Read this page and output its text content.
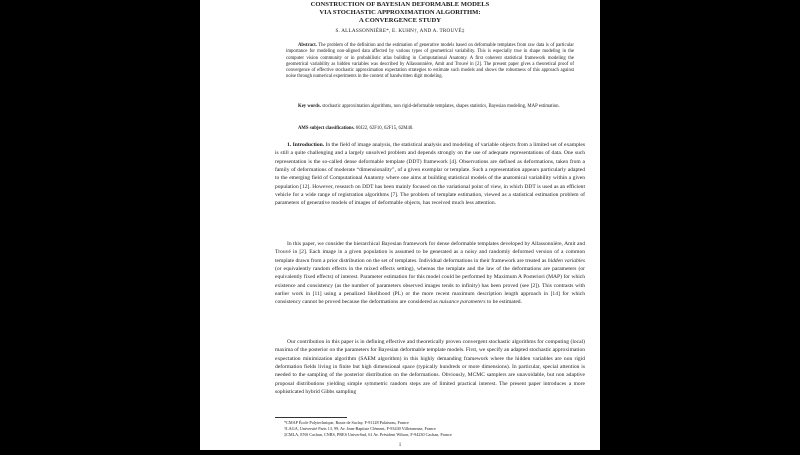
CONSTRUCTION OF BAYESIAN DEFORMABLE MODELS
VIA STOCHASTIC APPROXIMATION ALGORITHM:
A CONVERGENCE STUDY
S. ALLASSONNIÈRE*, E. KUHN†, AND A. TROUVÉ‡

Abstract. The problem of the definition and the estimation of generative models based on deformable templates from raw data is of particular importance for modeling non-aligned data affected by various types of geometrical variability. This is especially true in shape modeling in the computer vision community or in probabilistic atlas building in Computational Anatomy. A first coherent statistical framework modeling the geometrical variability as hidden variables was described by Allassonnière, Amit and Trouvé in [2]. The present paper gives a theoretical proof of convergence of effective stochastic approximation expectation strategies to estimate such models and shows the robustness of this approach against noise through numerical experiments in the context of handwritten digit modeling.

Key words. stochastic approximation algorithms, non rigid-deformable templates, shapes statistics, Bayesian modeling, MAP estimation.

AMS subject classifications. 60J22, 62F10, 62F15, 62M40.

1. Introduction. In the field of image analysis, the statistical analysis and modeling of variable objects from a limited set of examples is still a quite challenging and a largely unsolved problem and depends strongly on the use of adequate representations of data. One such representation is the so-called dense deformable template (DDT) framework [4]. Observations are defined as deformations, taken from a family of deformations of moderate “dimensionality”, of a given exemplar or template. Such a representation appears particularly adapted to the emerging field of Computational Anatomy where one aims at building statistical models of the anatomical variability within a given population [12]. However, research on DDT has been mainly focused on the variational point of view, in which DDT is used as an efficient vehicle for a wide range of registration algorithms [7]. The problem of template estimation, viewed as a statistical estimation problem of parameters of generative models of images of deformable objects, has received much less attention.

In this paper, we consider the hierarchical Bayesian framework for dense deformable templates developed by Allassonnière, Amit and Trouvé in [2]. Each image in a given population is assumed to be generated as a noisy and randomly deformed version of a common template drawn from a prior distribution on the set of templates. Individual deformations in their framework are treated as hidden variables (or equivalently random effects in the mixed effects setting), whereas the template and the law of the deformations are parameters (or equivalently fixed effects) of interest. Parameter estimation for this model could be performed by Maximum A Posteriori (MAP) for which existence and consistency (as the number of parameters observed images tends to infinity) has been proved (see [2]). This contrasts with earlier work in [11] using a penalized likelihood (PL) or the more recent maximum description length approach in [14] for which consistency cannot be proved because the deformations are considered as nuisance parameters to be estimated.

Our contribution in this paper is in defining effective and theoretically proven convergent stochastic algorithms for computing (local) maxima of the posterior on the parameters for Bayesian deformable template models. First, we specify an adapted stochastic approximation expectation minimization algorithm (SAEM algorithm) in this highly demanding framework where the hidden variables are non rigid deformation fields living in finite but high dimensional space (typically hundreds or more dimensions). In particular, special attention is needed to the sampling of the posterior distribution on the deformations. Obviously, MCMC samplers are unavoidable, but non adaptive proposal distributions yielding simple symmetric random steps are of limited practical interest. The present paper introduces a more sophisticated hybrid Gibbs sampling

*CMAP École Polytechnique, Route de Saclay, F-91128 Palaiseau, France
†LAGA, Université Paris 13, 99, Av. Jean-Baptiste Clément, F-93430 Villetaneuse, France
‡CMLA, ENS Cachan, CNRS, PRES UniverSud, 61 Av. Président Wilson, F-94230 Cachan, France
1
